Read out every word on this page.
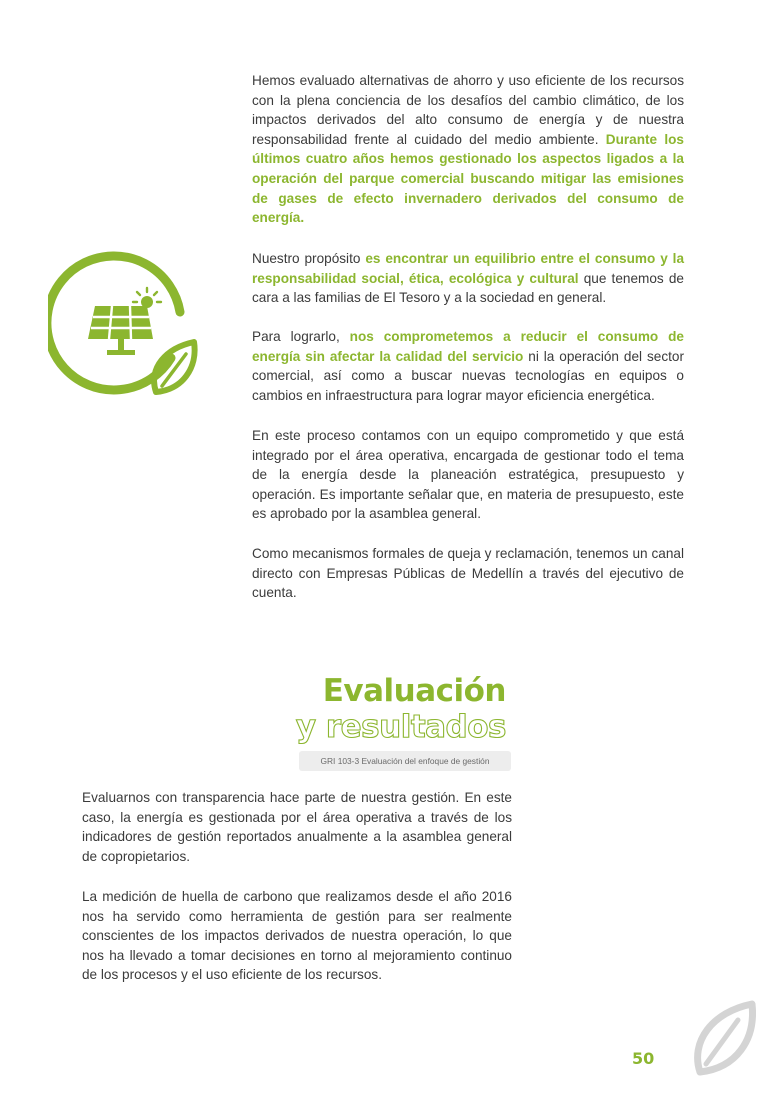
Hemos evaluado alternativas de ahorro y uso eficiente de los recursos con la plena conciencia de los desafíos del cambio climático, de los impactos derivados del alto consumo de energía y de nuestra responsabilidad frente al cuidado del medio ambiente. Durante los últimos cuatro años hemos gestionado los aspectos ligados a la operación del parque comercial buscando mitigar las emisiones de gases de efecto invernadero derivados del consumo de energía.

Nuestro propósito es encontrar un equilibrio entre el consumo y la responsabilidad social, ética, ecológica y cultural que tenemos de cara a las familias de El Tesoro y a la sociedad en general.

Para lograrlo, nos comprometemos a reducir el consumo de energía sin afectar la calidad del servicio ni la operación del sector comercial, así como a buscar nuevas tecnologías en equipos o cambios en infraestructura para lograr mayor eficiencia energética.

En este proceso contamos con un equipo comprometido y que está integrado por el área operativa, encargada de gestionar todo el tema de la energía desde la planeación estratégica, presupuesto y operación. Es importante señalar que, en materia de presupuesto, este es aprobado por la asamblea general.

Como mecanismos formales de queja y reclamación, tenemos un canal directo con Empresas Públicas de Medellín a través del ejecutivo de cuenta.

Evaluación
y resultados
GRI 103-3 Evaluación del enfoque de gestión

Evaluarnos con transparencia hace parte de nuestra gestión. En este caso, la energía es gestionada por el área operativa a través de los indicadores de gestión reportados anualmente a la asamblea general de copropietarios.

La medición de huella de carbono que realizamos desde el año 2016 nos ha servido como herramienta de gestión para ser realmente conscientes de los impactos derivados de nuestra operación, lo que nos ha llevado a tomar decisiones en torno al mejoramiento continuo de los procesos y el uso eficiente de los recursos.

50
